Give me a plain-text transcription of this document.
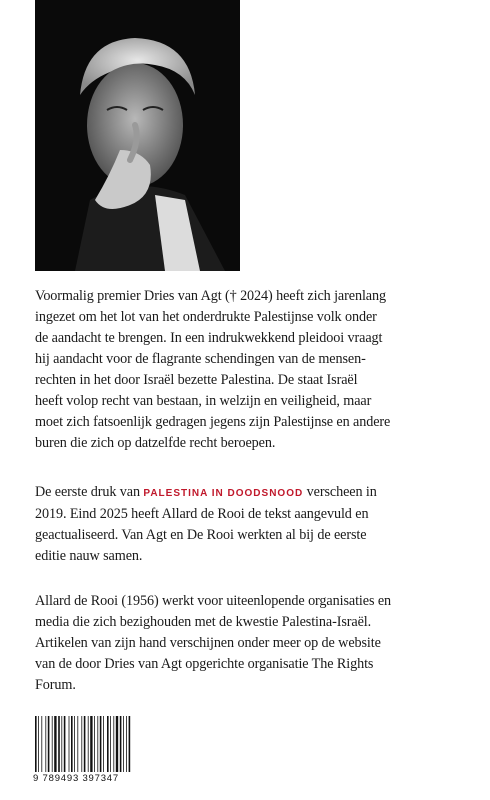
Voormalig premier Dries van Agt († 2024) heeft zich jarenlang

ingezet om het lot van het onderdrukte Palestijnse volk onder

de aandacht te brengen. In een indrukwekkend pleidooi vraagt

hij aandacht voor de flagrante schendingen van de mensen-

rechten in het door Israël bezette Palestina. De staat Israël

heeft volop recht van bestaan, in welzijn en veiligheid, maar

moet zich fatsoenlijk gedragen jegens zijn Palestijnse en andere

buren die zich op datzelfde recht beroepen.

De eerste druk van PALESTINA IN DOODSNOOD verscheen in

2019. Eind 2025 heeft Allard de Rooi de tekst aangevuld en

geactualiseerd. Van Agt en De Rooi werkten al bij de eerste

editie nauw samen.

Allard de Rooi (1956) werkt voor uiteenlopende organisaties en

media die zich bezighouden met de kwestie Palestina-Israël.

Artikelen van zijn hand verschijnen onder meer op de website

van de door Dries van Agt opgerichte organisatie The Rights

Forum.

9 789493 397347
